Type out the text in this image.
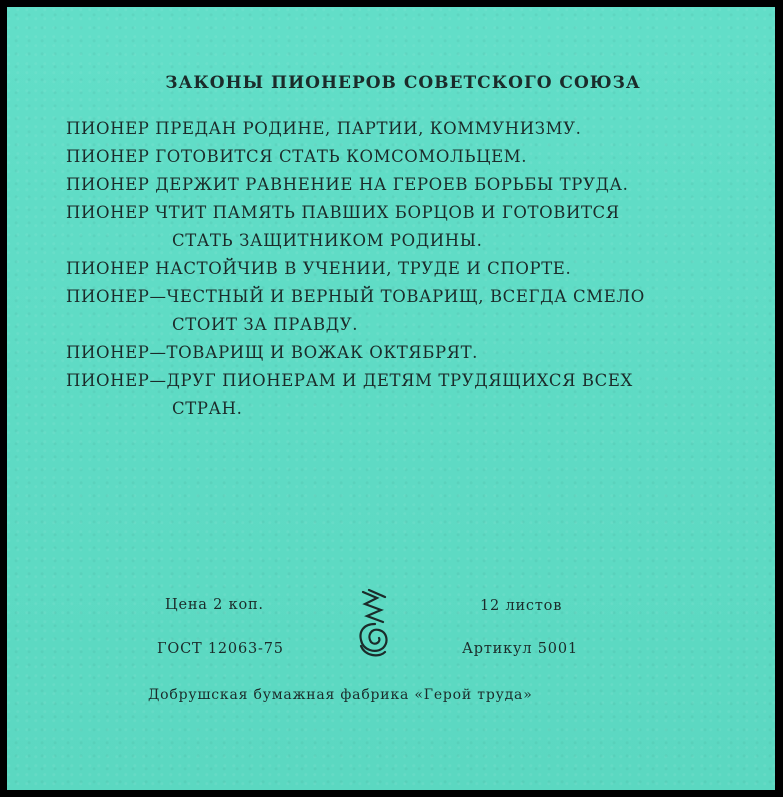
ЗАКОНЫ ПИОНЕРОВ СОВЕТСКОГО СОЮЗА
ПИОНЕР ПРЕДАН РОДИНЕ, ПАРТИИ, КОММУНИЗМУ.
ПИОНЕР ГОТОВИТСЯ СТАТЬ КОМСОМОЛЬЦЕМ.
ПИОНЕР ДЕРЖИТ РАВНЕНИЕ НА ГЕРОЕВ БОРЬБЫ ТРУДА.
ПИОНЕР ЧТИТ ПАМЯТЬ ПАВШИХ БОРЦОВ И ГОТОВИТСЯ
СТАТЬ ЗАЩИТНИКОМ РОДИНЫ.
ПИОНЕР НАСТОЙЧИВ В УЧЕНИИ, ТРУДЕ И СПОРТЕ.
ПИОНЕР—ЧЕСТНЫЙ И ВЕРНЫЙ ТОВАРИЩ, ВСЕГДА СМЕЛО
СТОИТ ЗА ПРАВДУ.
ПИОНЕР—ТОВАРИЩ И ВОЖАК ОКТЯБРЯТ.
ПИОНЕР—ДРУГ ПИОНЕРАМ И ДЕТЯМ ТРУДЯЩИХСЯ ВСЕХ
СТРАН.
Цена 2 коп.	12 листов
ГОСТ 12063-75	Артикул 5001
Добрушская бумажная фабрика «Герой труда»
